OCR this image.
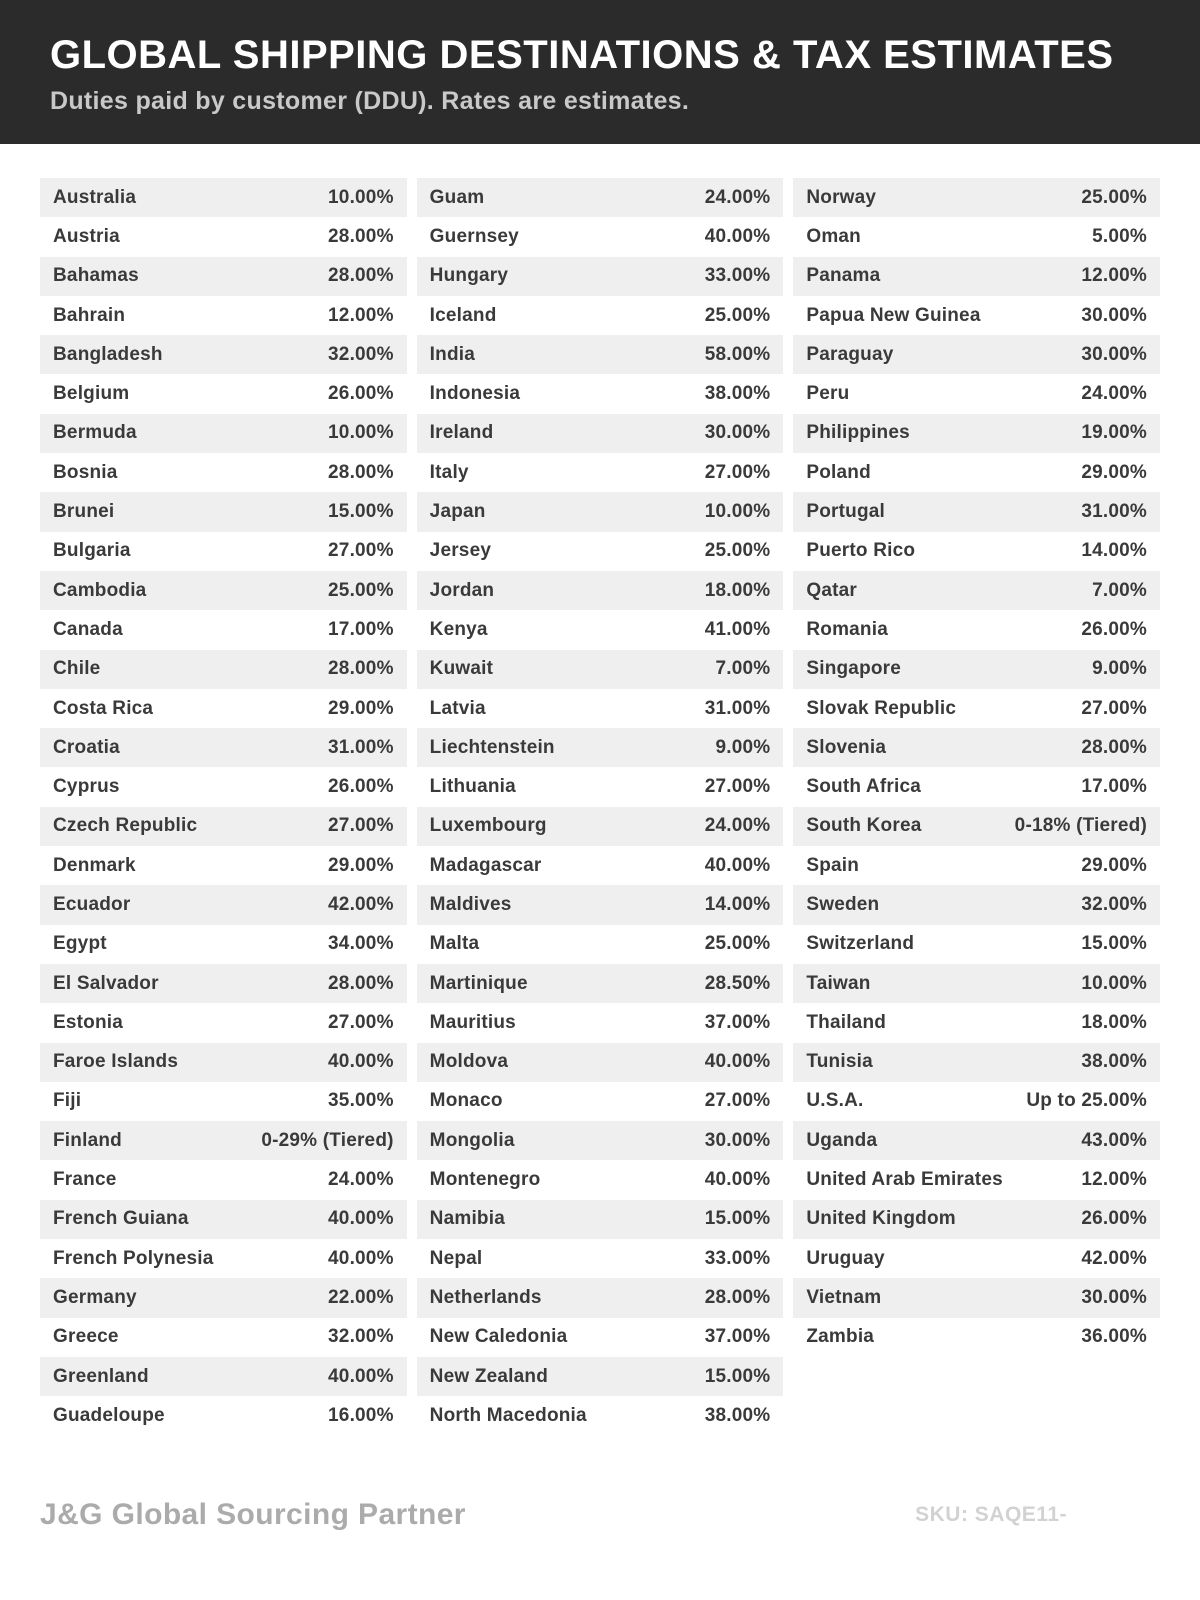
GLOBAL SHIPPING DESTINATIONS & TAX ESTIMATES
Duties paid by customer (DDU). Rates are estimates.
Australia	10.00%
Austria	28.00%
Bahamas	28.00%
Bahrain	12.00%
Bangladesh	32.00%
Belgium	26.00%
Bermuda	10.00%
Bosnia	28.00%
Brunei	15.00%
Bulgaria	27.00%
Cambodia	25.00%
Canada	17.00%
Chile	28.00%
Costa Rica	29.00%
Croatia	31.00%
Cyprus	26.00%
Czech Republic	27.00%
Denmark	29.00%
Ecuador	42.00%
Egypt	34.00%
El Salvador	28.00%
Estonia	27.00%
Faroe Islands	40.00%
Fiji	35.00%
Finland	0-29% (Tiered)
France	24.00%
French Guiana	40.00%
French Polynesia	40.00%
Germany	22.00%
Greece	32.00%
Greenland	40.00%
Guadeloupe	16.00%
Guam	24.00%
Guernsey	40.00%
Hungary	33.00%
Iceland	25.00%
India	58.00%
Indonesia	38.00%
Ireland	30.00%
Italy	27.00%
Japan	10.00%
Jersey	25.00%
Jordan	18.00%
Kenya	41.00%
Kuwait	7.00%
Latvia	31.00%
Liechtenstein	9.00%
Lithuania	27.00%
Luxembourg	24.00%
Madagascar	40.00%
Maldives	14.00%
Malta	25.00%
Martinique	28.50%
Mauritius	37.00%
Moldova	40.00%
Monaco	27.00%
Mongolia	30.00%
Montenegro	40.00%
Namibia	15.00%
Nepal	33.00%
Netherlands	28.00%
New Caledonia	37.00%
New Zealand	15.00%
North Macedonia	38.00%
Norway	25.00%
Oman	5.00%
Panama	12.00%
Papua New Guinea	30.00%
Paraguay	30.00%
Peru	24.00%
Philippines	19.00%
Poland	29.00%
Portugal	31.00%
Puerto Rico	14.00%
Qatar	7.00%
Romania	26.00%
Singapore	9.00%
Slovak Republic	27.00%
Slovenia	28.00%
South Africa	17.00%
South Korea	0-18% (Tiered)
Spain	29.00%
Sweden	32.00%
Switzerland	15.00%
Taiwan	10.00%
Thailand	18.00%
Tunisia	38.00%
U.S.A.	Up to 25.00%
Uganda	43.00%
United Arab Emirates	12.00%
United Kingdom	26.00%
Uruguay	42.00%
Vietnam	30.00%
Zambia	36.00%
J&G Global Sourcing Partner	SKU: SAQE11-
